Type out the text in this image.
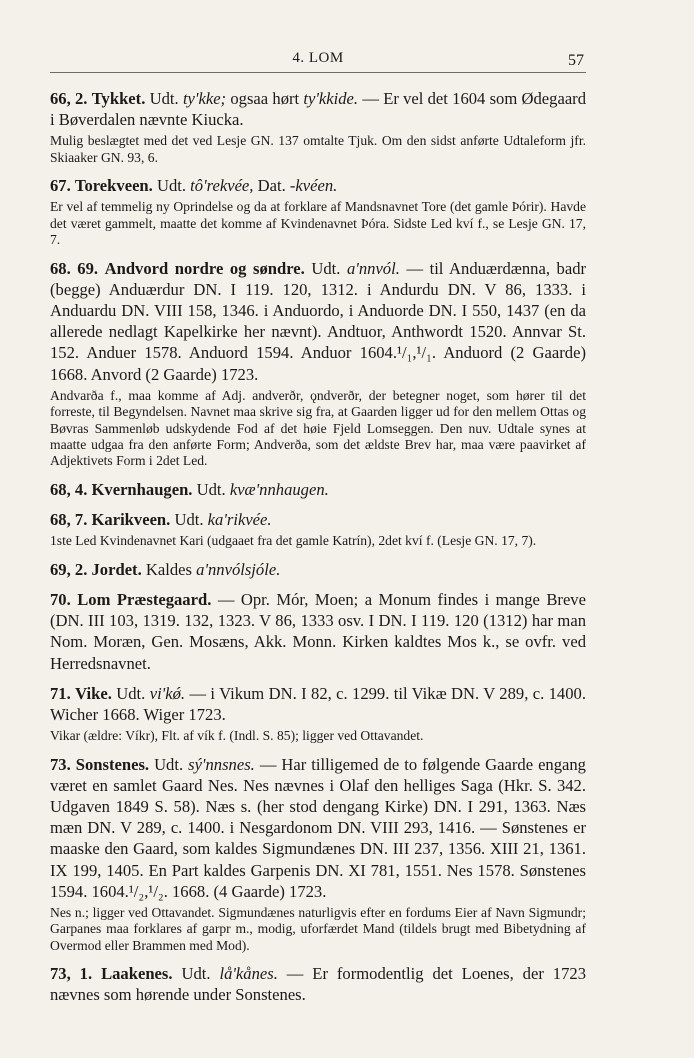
4. LOM	57

66, 2. Tykket. Udt. ty'kke; ogsaa hørt ty'kkide. — Er vel det 1604 som Ødegaard i Bøverdalen nævnte Kiucka.

Mulig beslægtet med det ved Lesje GN. 137 omtalte Tjuk. Om den sidst anførte Udtaleform jfr. Skiaaker GN. 93, 6.

67. Torekveen. Udt. tô'rekvée, Dat. -kvéen.

Er vel af temmelig ny Oprindelse og da at forklare af Mandsnavnet Tore (det gamle Þórir). Havde det været gammelt, maatte det komme af Kvindenavnet Þóra. Sidste Led kví f., se Lesje GN. 17, 7.

68. 69. Andvord nordre og søndre. Udt. a'nnvól. — til Anduærdænna, badr (begge) Anduærdur DN. I 119. 120, 1312. i Andurdu DN. V 86, 1333. i Anduardu DN. VIII 158, 1346. i Anduordo, i Anduorde DN. I 550, 1437 (en da allerede nedlagt Kapelkirke her nævnt). Andtuor, Anthwordt 1520. Annvar St. 152. Anduer 1578. Anduord 1594. Anduor 1604.¹/₁,¹/₁. Anduord (2 Gaarde) 1668. Anvord (2 Gaarde) 1723.

Andvarða f., maa komme af Adj. andverðr, ǫndverðr, der betegner noget, som hører til det forreste, til Begyndelsen. Navnet maa skrive sig fra, at Gaarden ligger ud for den mellem Ottas og Bøvras Sammenløb udskydende Fod af det høie Fjeld Lomseggen. Den nuv. Udtale synes at maatte udgaa fra den anførte Form; Andverða, som det ældste Brev har, maa være paavirket af Adjektivets Form i 2det Led.

68, 4. Kvernhaugen. Udt. kvæ'nnhaugen.

68, 7. Karikveen. Udt. ka'rikvée.

1ste Led Kvindenavnet Kari (udgaaet fra det gamle Katrín), 2det kví f. (Lesje GN. 17, 7).

69, 2. Jordet. Kaldes a'nnvólsjóle.

70. Lom Præstegaard. — Opr. Mór, Moen; a Monum findes i mange Breve (DN. III 103, 1319. 132, 1323. V 86, 1333 osv. I DN. I 119. 120 (1312) har man Nom. Moræn, Gen. Mosæns, Akk. Monn. Kirken kaldtes Mos k., se ovfr. ved Herredsnavnet.

71. Vike. Udt. vi'kǿ. — i Vikum DN. I 82, c. 1299. til Vikæ DN. V 289, c. 1400. Wicher 1668. Wiger 1723.

Vikar (ældre: Víkr), Flt. af vík f. (Indl. S. 85); ligger ved Ottavandet.

73. Sonstenes. Udt. sý'nnsnes. — Har tilligemed de to følgende Gaarde engang været en samlet Gaard Nes. Nes nævnes i Olaf den helliges Saga (Hkr. S. 342. Udgaven 1849 S. 58). Næs s. (her stod dengang Kirke) DN. I 291, 1363. Næs mæn DN. V 289, c. 1400. i Nesgardonom DN. VIII 293, 1416. — Sønstenes er maaske den Gaard, som kaldes Sigmundænes DN. III 237, 1356. XIII 21, 1361. IX 199, 1405. En Part kaldes Garpenis DN. XI 781, 1551. Nes 1578. Sønstenes 1594. 1604.¹/₂,¹/₂. 1668. (4 Gaarde) 1723.

Nes n.; ligger ved Ottavandet. Sigmundænes naturligvis efter en fordums Eier af Navn Sigmundr; Garpanes maa forklares af garpr m., modig, uforfærdet Mand (tildels brugt med Bibetydning af Overmod eller Brammen med Mod).

73, 1. Laakenes. Udt. lå'kånes. — Er formodentlig det Loenes, der 1723 nævnes som hørende under Sonstenes.
